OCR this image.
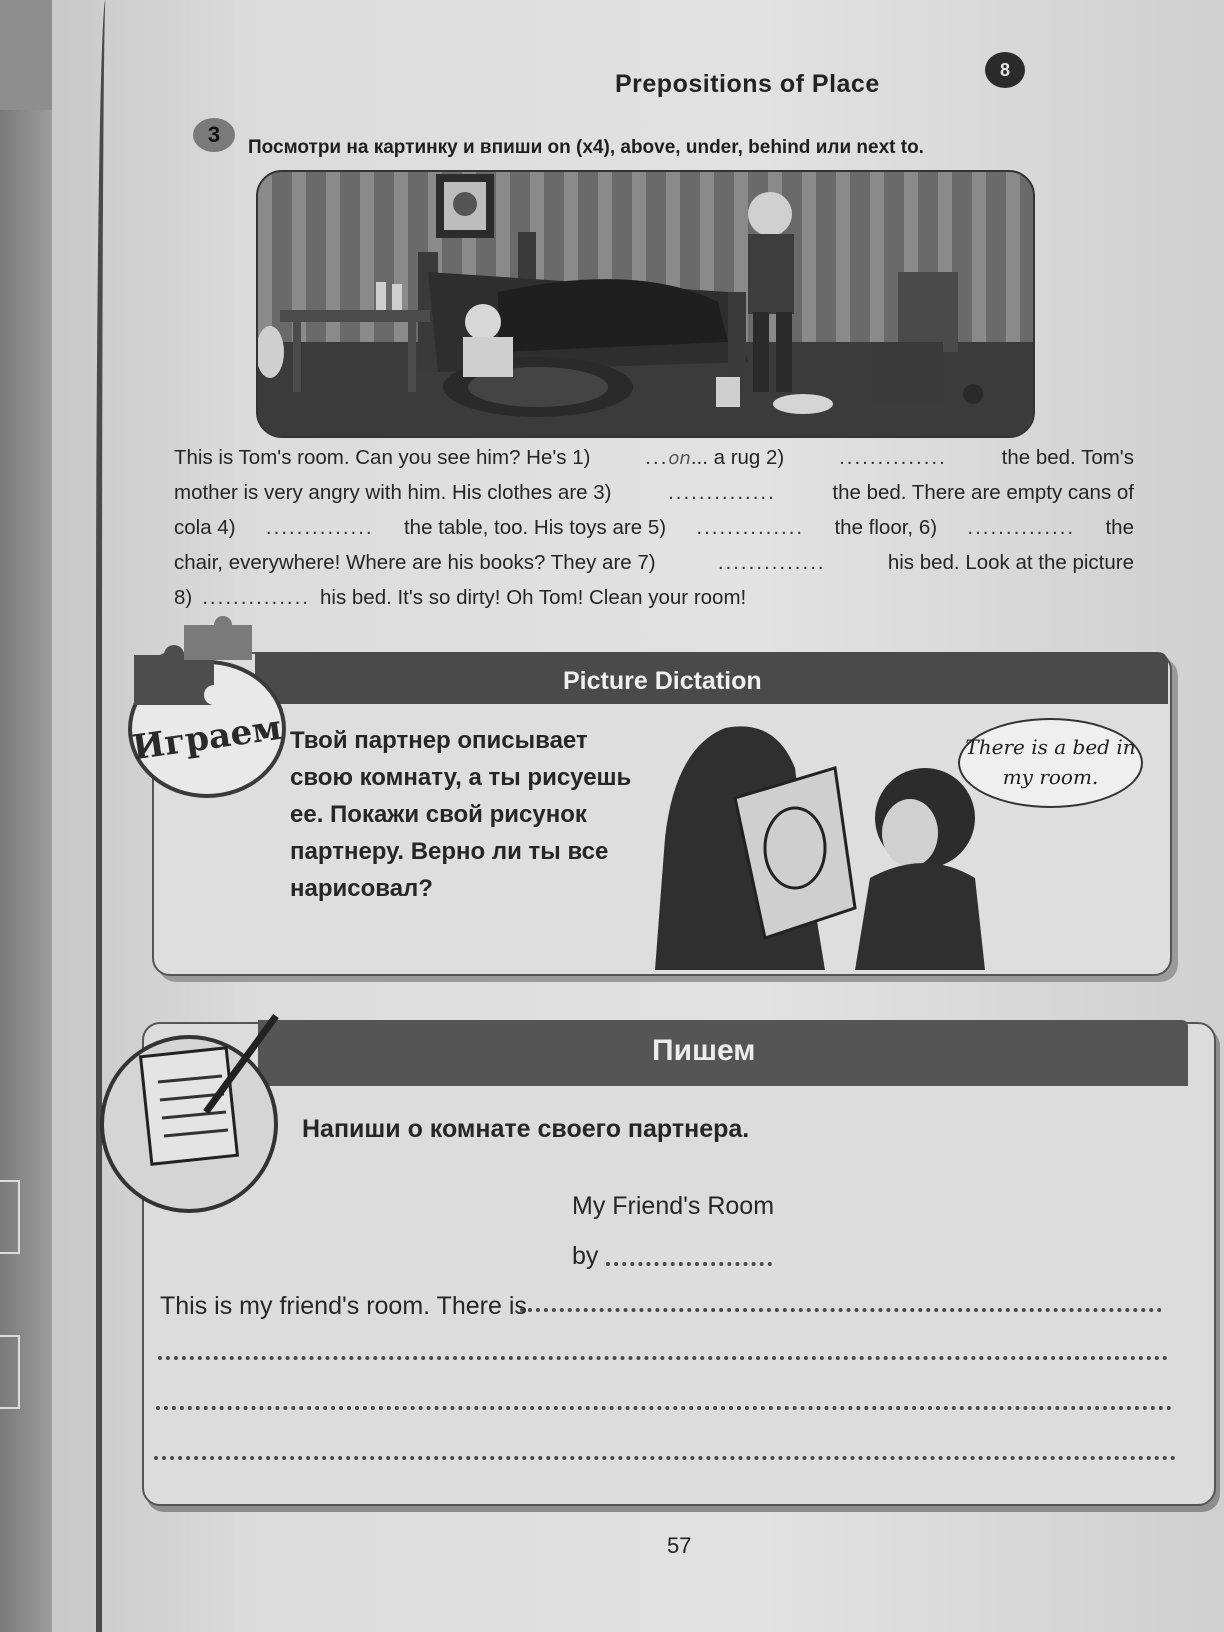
Prepositions of Place	8
3
Посмотри на картинку и впиши on (x4), above, under, behind или next to.
This is Tom's room. Can you see him? He's 1)	...on... a rug 2)	..............	the bed. Tom's
mother is very angry with him. His clothes are 3)	..............	the bed. There are empty cans of
cola 4) .............. the table, too. His toys are 5) .............. the floor, 6) .............. the
chair, everywhere! Where are his books? They are 7)	..............	his bed. Look at the picture
8) .............. his bed. It's so dirty! Oh Tom! Clean your room!
Picture Dictation
Играем Твой партнер описывает свою комнату, а ты рисуешь ее. Покажи свой рисунок партнеру. Верно ли ты все нарисовал?
There is a bed in my room.
Пишем
Напиши о комнате своего партнера.
My Friend's Room
by
This is my friend's room. There is
57
